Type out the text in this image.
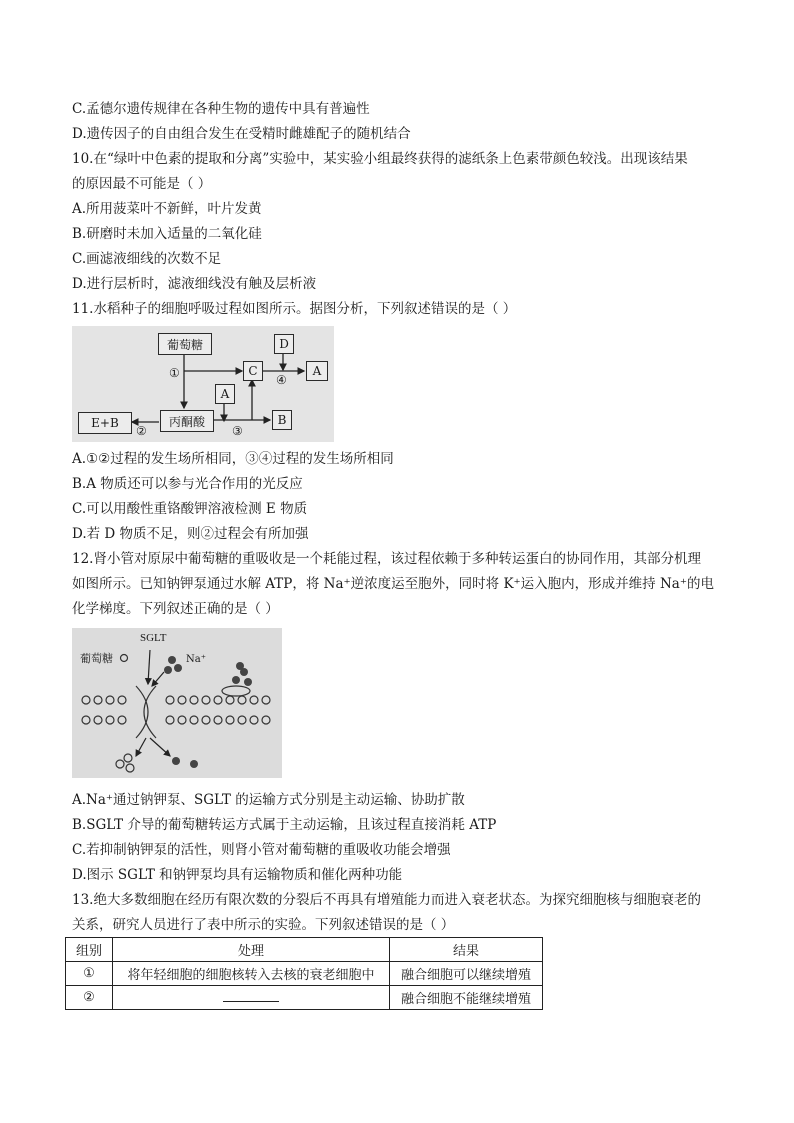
C.孟德尔遗传规律在各种生物的遗传中具有普遍性
D.遗传因子的自由组合发生在受精时雌雄配子的随机结合
10.在“绿叶中色素的提取和分离”实验中，某实验小组最终获得的滤纸条上色素带颜色较浅。出现该结果
的原因最不可能是（ ）
A.所用菠菜叶不新鲜，叶片发黄
B.研磨时未加入适量的二氧化硅
C.画滤液细线的次数不足
D.进行层析时，滤液细线没有触及层析液
11.水稻种子的细胞呼吸过程如图所示。据图分析，下列叙述错误的是（ ）
葡萄糖
①	C
D
④
A
A
丙酮酸
E+B
②	③
B
A.①②过程的发生场所相同，③④过程的发生场所相同
B.A 物质还可以参与光合作用的光反应
C.可以用酸性重铬酸钾溶液检测 E 物质
D.若 D 物质不足，则②过程会有所加强
12.肾小管对原尿中葡萄糖的重吸收是一个耗能过程，该过程依赖于多种转运蛋白的协同作用，其部分机理
如图所示。已知钠钾泵通过水解 ATP，将 Na⁺逆浓度运至胞外，同时将 K⁺运入胞内，形成并维持 Na⁺的电
化学梯度。下列叙述正确的是（ ）
葡萄糖
SGLT
Na⁺
A.Na⁺通过钠钾泵、SGLT 的运输方式分别是主动运输、协助扩散
B.SGLT 介导的葡萄糖转运方式属于主动运输，且该过程直接消耗 ATP
C.若抑制钠钾泵的活性，则肾小管对葡萄糖的重吸收功能会增强
D.图示 SGLT 和钠钾泵均具有运输物质和催化两种功能
13.绝大多数细胞在经历有限次数的分裂后不再具有增殖能力而进入衰老状态。为探究细胞核与细胞衰老的
关系，研究人员进行了表中所示的实验。下列叙述错误的是（ ）
组别	处理	结果
①	将年轻细胞的细胞核转入去核的衰老细胞中	融合细胞可以继续增殖
②		融合细胞不能继续增殖
